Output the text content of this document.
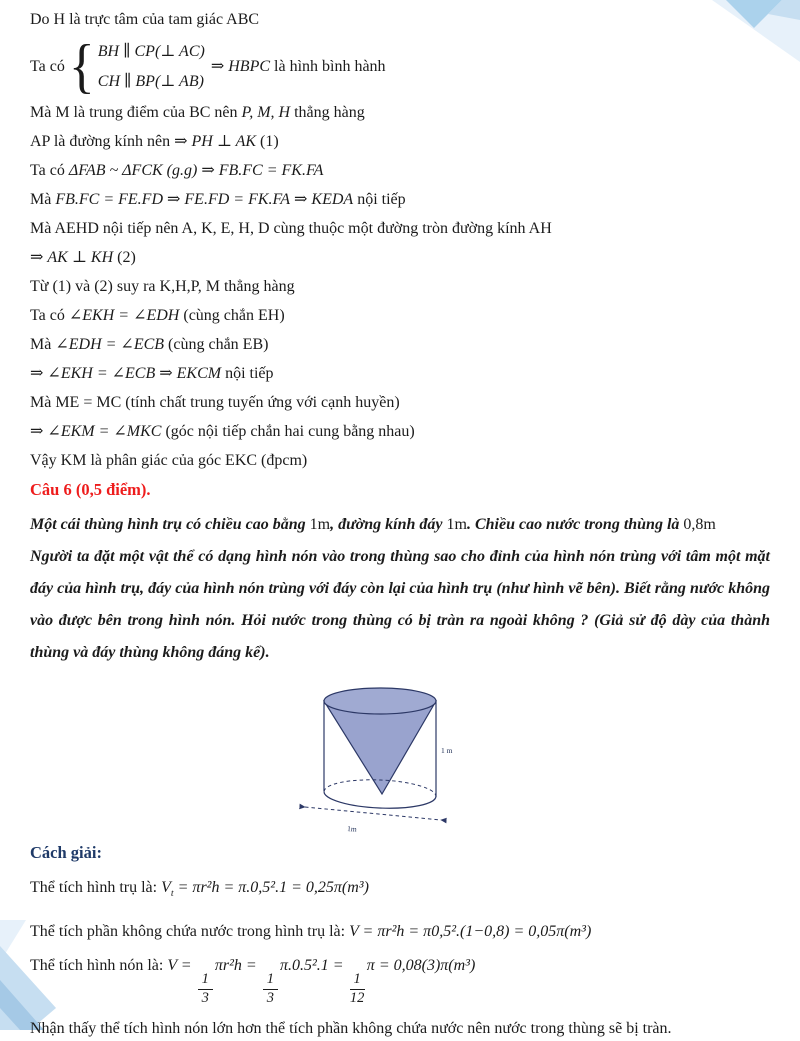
Do H là trực tâm của tam giác ABC

Ta có { BH ∥ CP(⊥ AC)
CH ∥ BP(⊥ AB)
⇒ HBPC là hình bình hành

Mà M là trung điểm của BC nên P, M, H thẳng hàng

AP là đường kính nên ⇒ PH ⊥ AK (1)

Ta có ΔFAB ~ ΔFCK (g.g) ⇒ FB.FC = FK.FA

Mà FB.FC = FE.FD ⇒ FE.FD = FK.FA ⇒ KEDA nội tiếp

Mà AEHD nội tiếp nên A, K, E, H, D cùng thuộc một đường tròn đường kính AH

⇒ AK ⊥ KH (2)

Từ (1) và (2) suy ra K,H,P, M thẳng hàng

Ta có ∠EKH = ∠EDH (cùng chắn EH)

Mà ∠EDH = ∠ECB (cùng chắn EB)

⇒ ∠EKH = ∠ECB ⇒ EKCM nội tiếp

Mà ME = MC (tính chất trung tuyến ứng với cạnh huyền)

⇒ ∠EKM = ∠MKC (góc nội tiếp chắn hai cung bằng nhau)

Vậy KM là phân giác của góc EKC (đpcm)

Câu 6 (0,5 điểm).

Một cái thùng hình trụ có chiều cao bằng 1m, đường kính đáy 1m. Chiều cao nước trong thùng là 0,8m

Người ta đặt một vật thể có dạng hình nón vào trong thùng sao cho đỉnh của hình nón trùng với tâm một mặt đáy của hình trụ, đáy của hình nón trùng với đáy còn lại của hình trụ (như hình vẽ bên). Biết rằng nước không vào được bên trong hình nón. Hỏi nước trong thùng có bị tràn ra ngoài không ? (Giả sử độ dày của thành thùng và đáy thùng không đáng kể).

1m
1 m
Cách giải:

Thể tích hình trụ là: $V_t = \pi r^2h = \pi.0,5^2.1 = 0,25\pi(m^3)$

Thể tích phần không chứa nước trong hình trụ là: V = πr²h = π0,5².(1−0,8) = 0,05π(m³)

Thể tích hình nón là: V =
$\frac{1}{3}$
πr²h =
$\frac{1}{3}$
π.0.5².1 =
$\frac{1}{12}$
π = 0,08(3)π(m³)

Nhận thấy thể tích hình nón lớn hơn thể tích phần không chứa nước nên nước trong thùng sẽ bị tràn.
